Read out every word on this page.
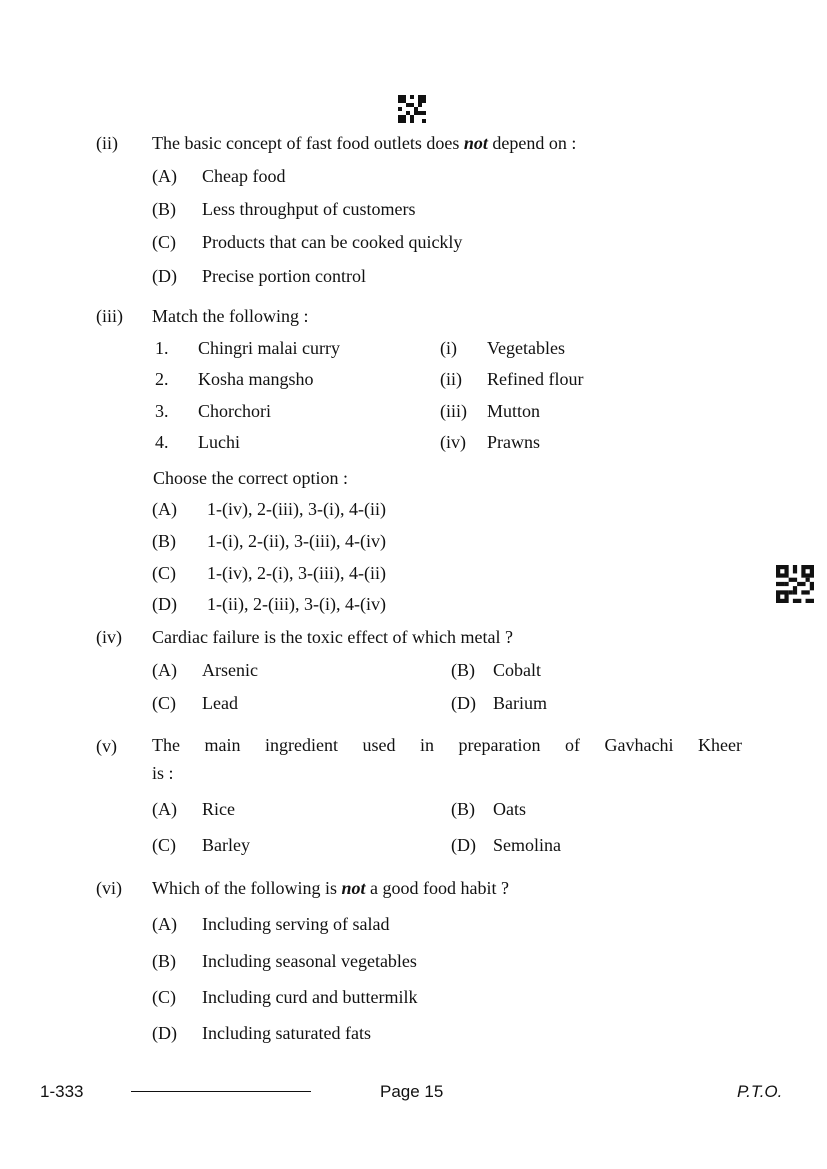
(ii) The basic concept of fast food outlets does not depend on :
(A) Cheap food
(B) Less throughput of customers
(C) Products that can be cooked quickly
(D) Precise portion control
(iii) Match the following :
1. Chingri malai curry	(i) Vegetables
2. Kosha mangsho	(ii) Refined flour
3. Chorchori	(iii) Mutton
4. Luchi	(iv) Prawns
Choose the correct option :
(A) 1-(iv), 2-(iii), 3-(i), 4-(ii)
(B) 1-(i), 2-(ii), 3-(iii), 4-(iv)
(C) 1-(iv), 2-(i), 3-(iii), 4-(ii)
(D) 1-(ii), 2-(iii), 3-(i), 4-(iv)
(iv) Cardiac failure is the toxic effect of which metal ?
(A) Arsenic	(B) Cobalt
(C) Lead	(D) Barium
(v) The main ingredient used in preparation of Gavhachi Kheer
is :
(A) Rice	(B) Oats
(C) Barley	(D) Semolina
(vi) Which of the following is not a good food habit ?
(A) Including serving of salad
(B) Including seasonal vegetables
(C) Including curd and buttermilk
(D) Including saturated fats
1-333	Page 15	P.T.O.
